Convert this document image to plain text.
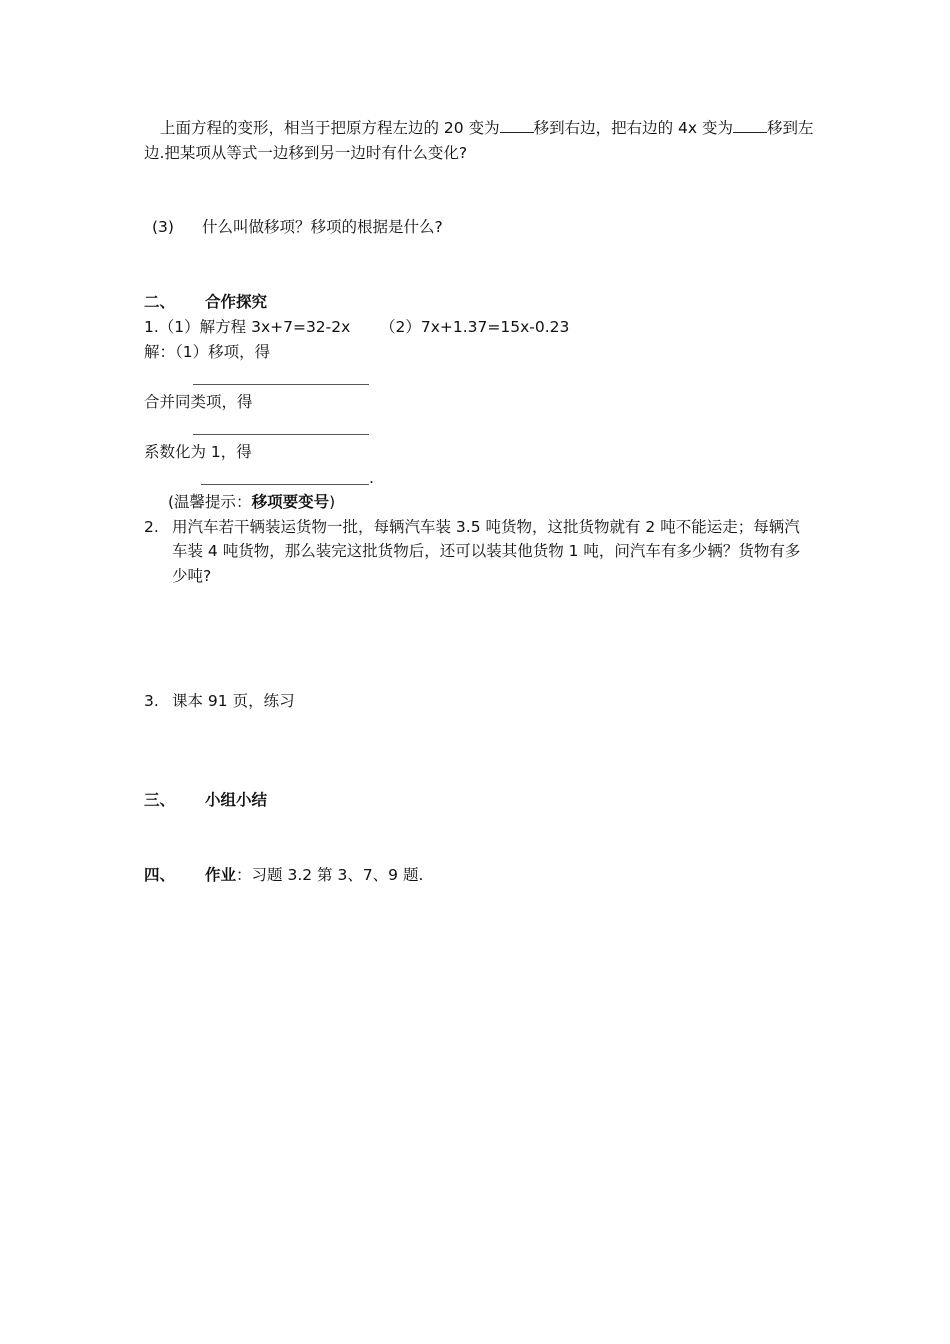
上面方程的变形，相当于把原方程左边的 20 变为 移到右边，把右边的 4x 变为 移到左
边.把某项从等式一边移到另一边时有什么变化?
(3) 什么叫做移项？移项的根据是什么?
二、 合作探究
1.（1）解方程 3x+7=32-2x （2）7x+1.37=15x-0.23
解：（1）移项，得
合并同类项，得
系数化为 1，得
.
(温馨提示：移项要变号)
2. 用汽车若干辆装运货物一批，每辆汽车装 3.5 吨货物，这批货物就有 2 吨不能运走；每辆汽
车装 4 吨货物，那么装完这批货物后，还可以装其他货物 1 吨，问汽车有多少辆？货物有多
少吨?
3. 课本 91 页，练习
三、 小组小结
四、 作业：习题 3.2 第 3、7、9 题.
